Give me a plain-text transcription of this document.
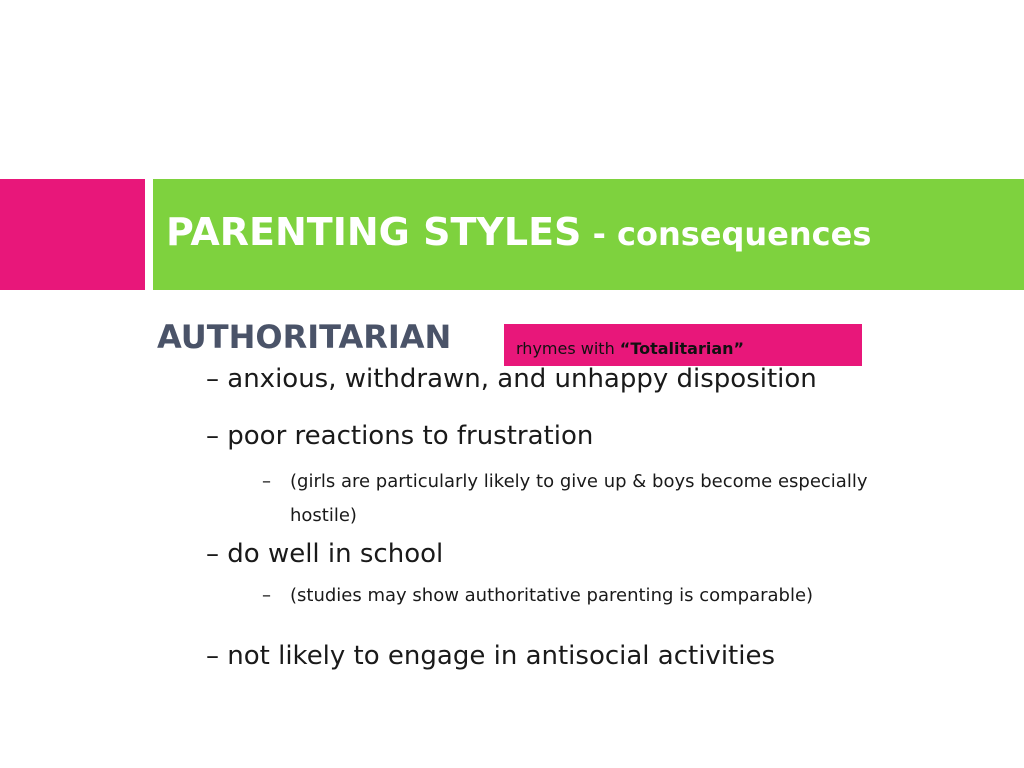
PARENTING STYLES - consequences
AUTHORITARIAN	rhymes with “Totalitarian”
– anxious, withdrawn, and unhappy disposition
– poor reactions to frustration
– (girls are particularly likely to give up & boys become especially
hostile)
– do well in school
– (studies may show authoritative parenting is comparable)
– not likely to engage in antisocial activities
